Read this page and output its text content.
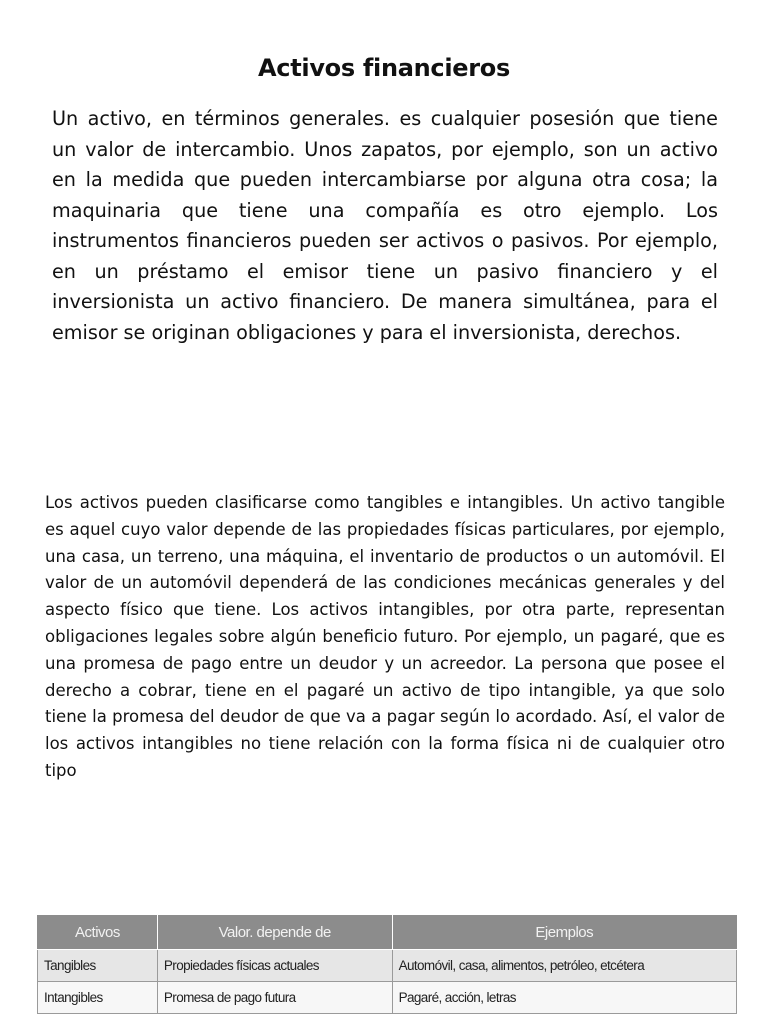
Activos financieros

Un activo, en términos generales. es cualquier posesión que tiene un valor de intercambio. Unos zapatos, por ejemplo, son un activo en la medida que pueden intercambiarse por alguna otra cosa; la maquinaria que tiene una compañía es otro ejemplo. Los instrumentos financieros pueden ser activos o pasivos. Por ejemplo, en un préstamo el emisor tiene un pasivo financiero y el inversionista un activo financiero. De manera simultánea, para el emisor se originan obligaciones y para el inversionista, derechos.

Los activos pueden clasificarse como tangibles e intangibles. Un activo tangible es aquel cuyo valor depende de las propiedades físicas particulares, por ejemplo, una casa, un terreno, una máquina, el inventario de productos o un automóvil. El valor de un automóvil dependerá de las condiciones mecánicas generales y del aspecto físico que tiene. Los activos intangibles, por otra parte, representan obligaciones legales sobre algún beneficio futuro. Por ejemplo, un pagaré, que es una promesa de pago entre un deudor y un acreedor. La persona que posee el derecho a cobrar, tiene en el pagaré un activo de tipo intangible, ya que solo tiene la promesa del deudor de que va a pagar según lo acordado. Así, el valor de los activos intangibles no tiene relación con la forma física ni de cualquier otro tipo

Activos	Valor. depende de	Ejemplos
Tangibles	Propiedades físicas actuales	Automóvil, casa, alimentos, petróleo, etcétera
Intangibles	Promesa de pago futura	Pagaré, acción, letras
